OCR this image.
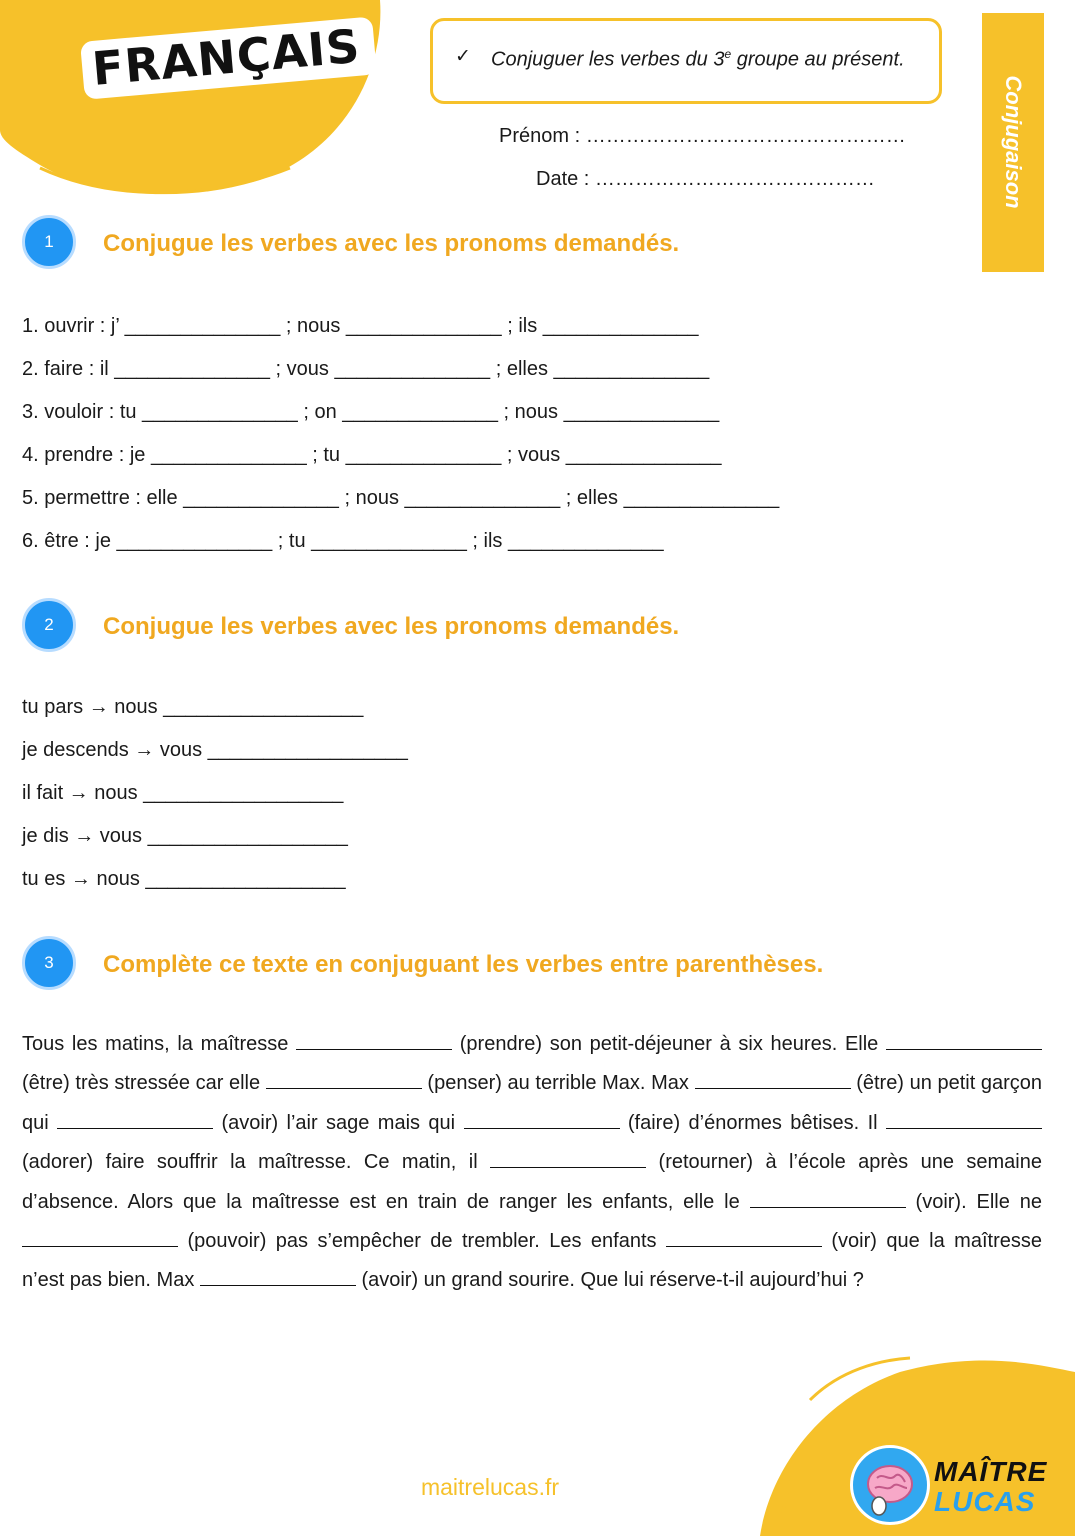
FRANÇAIS	✓ Conjuguer les verbes du 3e groupe au présent.
Prénom : …………………………………………
Date : ……………………………………	Conjugaison
1	Conjugue les verbes avec les pronoms demandés.
1. ouvrir : j’ ______________ ; nous ______________ ; ils ______________
2. faire : il ______________ ; vous ______________ ; elles ______________
3. vouloir : tu ______________ ; on ______________ ; nous ______________
4. prendre : je ______________ ; tu ______________ ; vous ______________
5. permettre : elle ______________ ; nous ______________ ; elles ______________
6. être : je ______________ ; tu ______________ ; ils ______________
2	Conjugue les verbes avec les pronoms demandés.
tu pars → nous __________________
je descends → vous __________________
il fait → nous __________________
je dis → vous __________________
tu es → nous __________________
3	Complète ce texte en conjuguant les verbes entre parenthèses.
Tous les matins, la maîtresse	(prendre) son petit-déjeuner à six heures. Elle  (être) très stressée car elle	(penser) au terrible Max. Max	(être) un petit garçon qui	(avoir) l’air sage mais qui	(faire) d’énormes bêtises. Il  (adorer) faire souffrir la maîtresse. Ce matin, il	(retourner) à l’école après une semaine d’absence. Alors que la maîtresse est en train de ranger les enfants, elle le	(voir). Elle ne  (pouvoir) pas s’empêcher de trembler. Les enfants	(voir) que la maîtresse n’est pas bien. Max	(avoir) un grand sourire. Que lui réserve-t-il aujourd’hui ?
maitrelucas.fr	MAÎTRE
LUCAS
